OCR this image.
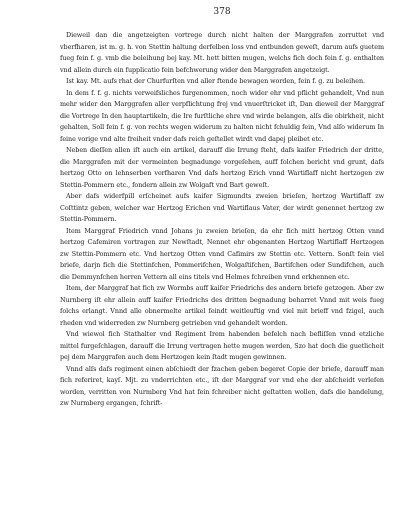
378

Dieweil dan die angetzeigten vortrege durch nicht halten der Marggrafen zorruttet vnd vberfharen, ist m. g. h. von Stettin haltung derfelben loss vnd entbunden geweſt, darum aufs guetem fueg fein f. g. vmb die beleihung bej kay. Mt. hett bitten mugen, welchs fich doch fein f. g. enthalten vnd allein durch ein fupplicatio fein befchwerung wider den Marggrafen angetzeigt.

Ist kay. Mt. aufs rhat der Churfurſten vnd aller ftende bewagen worden, fein f. g. zu beleihen.

In dem f. f. g. nichts verweifsliches furgenommen, noch wider ehr vnd pflicht gehandelt, Vnd nun mehr wider den Marggrafen aller verpflichtung frej vnd vnuerſtricket iſt, Dan dieweil der Marggraf die Vortrege In den hauptartikeln, die Ire furſtliche ehre vnd wirde belangen, alſs die obirkheit, nicht gehalten, Soll fein f. g. von rechts wegen widerum zu halten nicht fchuldig fein, Vnd alſo widerum In feine vorige vnd alte freiheit vnder dafs reich geſtellet wirdt vnd dapej pleibet etc.

Neben dieſſen allen iſt auch ein artikel, darauff die Irrung ſteht, dafs kaifer Friedrich der dritte, die Marggrafen mit der vermeinten begnadunge vorgeſehen, auff folchen bericht vnd grunt, dafs hertzog Otto on lehnserben verfharen Vnd dafs hertzog Erich vnnd Wartiflaff nicht hertzogen zw Stettin-Pommern etc., fondern allein zw Wolgaft vnd Bart geweſt.

Aber dafs widerfpill erſcheinet aufs kaifer Sigmundts zweien brieſen, hertzog Wartiflaff zw Coſttintz geben, welcher war Hertzog Erichen vnd Wartiflaus Vater, der wirdt genennet hertzog zw Stettin-Pommern.

Item Marggraf Friedrich vnnd Johans ju zweien brieſen, da ehr fich mitt hertzog Otten vnnd hertzog Cafemiren vortragen zur Newſtadt, Nennet ehr obgenanten Hertzog Wartiflaff Hertzogen zw Stettin-Pommern etc. Vnd hertzog Otten vnnd Cafimirs zw Stettin etc. Vettern. Sonſt fein viel briefe, darjn fich die Stettinfchen, Pommerifchen, Wolgaſtifchen, Bartifchen oder Sundifchen, auch die Demmynfchen herren Vettern all eins titels vnd Helmes fchreiben vnnd erkhennen etc.

Item, der Marggraf hat fich zw Wormbs auff kaifer Friedrichs des andern briefe getzogen. Aber zw Nurnberg iſt ehr allein auff kaifer Friedrichs des dritten begnadung beharret Vnnd mit weis fueg folchs erlangt. Vnnd alle obnermelte artikel feindt weitleuftig vnd viel mit brieff vnd fzigel, auch rheden vnd widerreden zw Nurnberg getrieben vnd gehandelt worden.

Vnd wiewol fich Stathalter vnd Regiment Irem habenden befelch nach befliſſen vnnd etzliche mittel furgeſchlagen, darauff die Irrung vertragen hette mugen werden, Szo hat doch die guetlicheit pej dem Marggrafen auch dem Hertzogen kein ſtadt mugen gewinnen.

Vnnd alſs dafs regiment einen abſchiedt der fzachen geben begeret Copie der briefe, darauff man fich referiret, kayſ. Mjt. zu vnderrichten etc., iſt der Marggraf vor vnd ehe der abſcheidt verlefen worden, verritten von Nurmberg Vnd hat fein fchreiber nicht geſtatten wollen, dafs die handelung, zw Nurmberg ergangen, fchrift-
